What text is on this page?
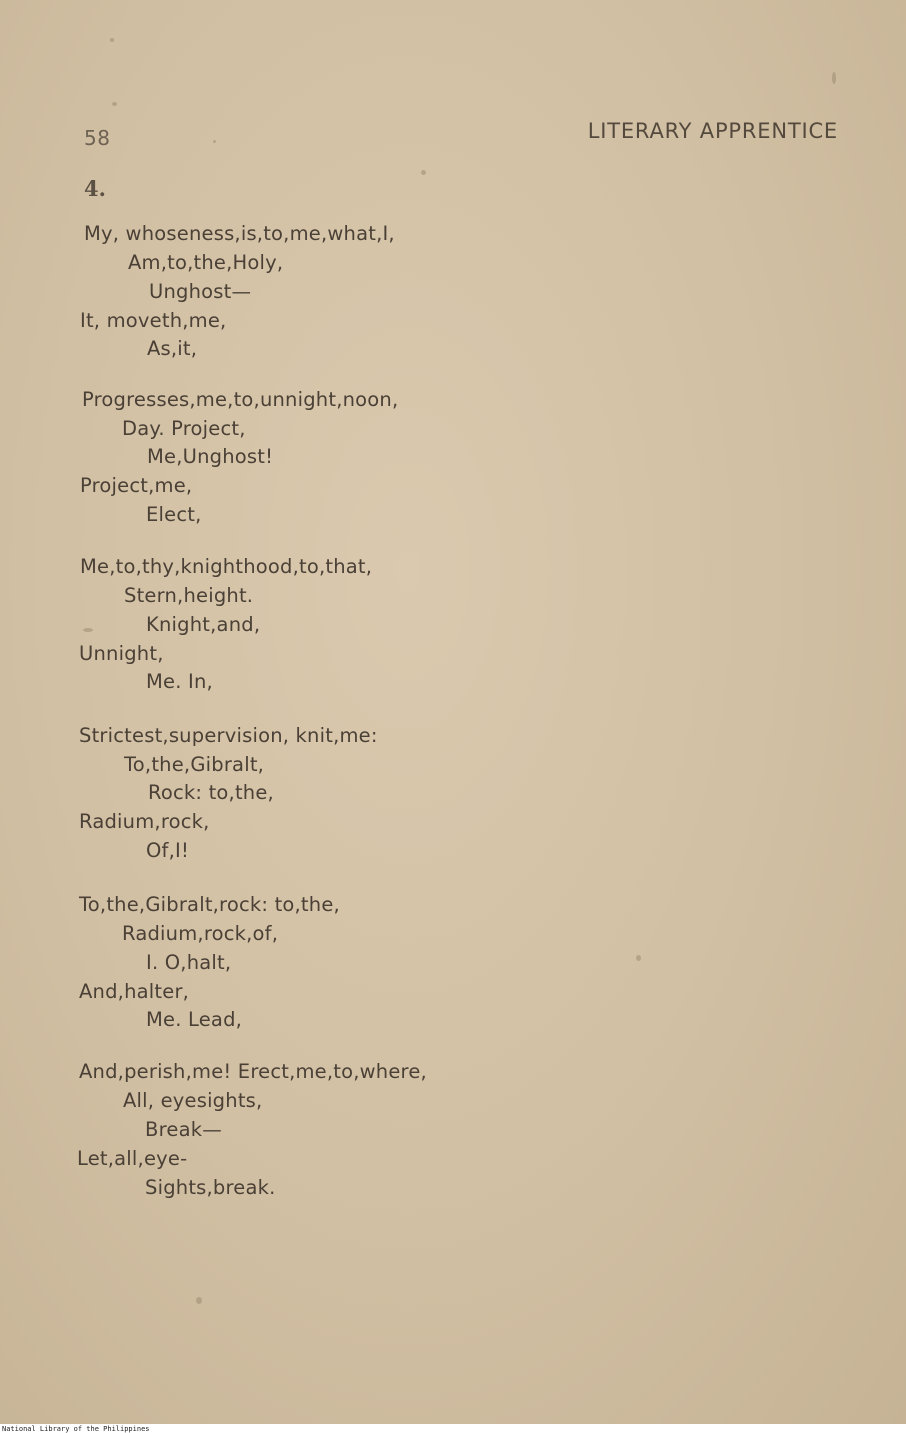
58	LITERARY APPRENTICE
4.
My, whoseness,is,to,me,what,I,
Am,to,the,Holy,
Unghost—
It, moveth,me,
As,it,
Progresses,me,to,unnight,noon,
Day. Project,
Me,Unghost!
Project,me,
Elect,
Me,to,thy,knighthood,to,that,
Stern,height.
Knight,and,
Unnight,
Me. In,
Strictest,supervision, knit,me:
To,the,Gibralt,
Rock: to,the,
Radium,rock,
Of,I!
To,the,Gibralt,rock: to,the,
Radium,rock,of,
I. O,halt,
And,halter,
Me. Lead,
And,perish,me! Erect,me,to,where,
All, eyesights,
Break—
Let,all,eye-
Sights,break.
National Library of the Philippines
